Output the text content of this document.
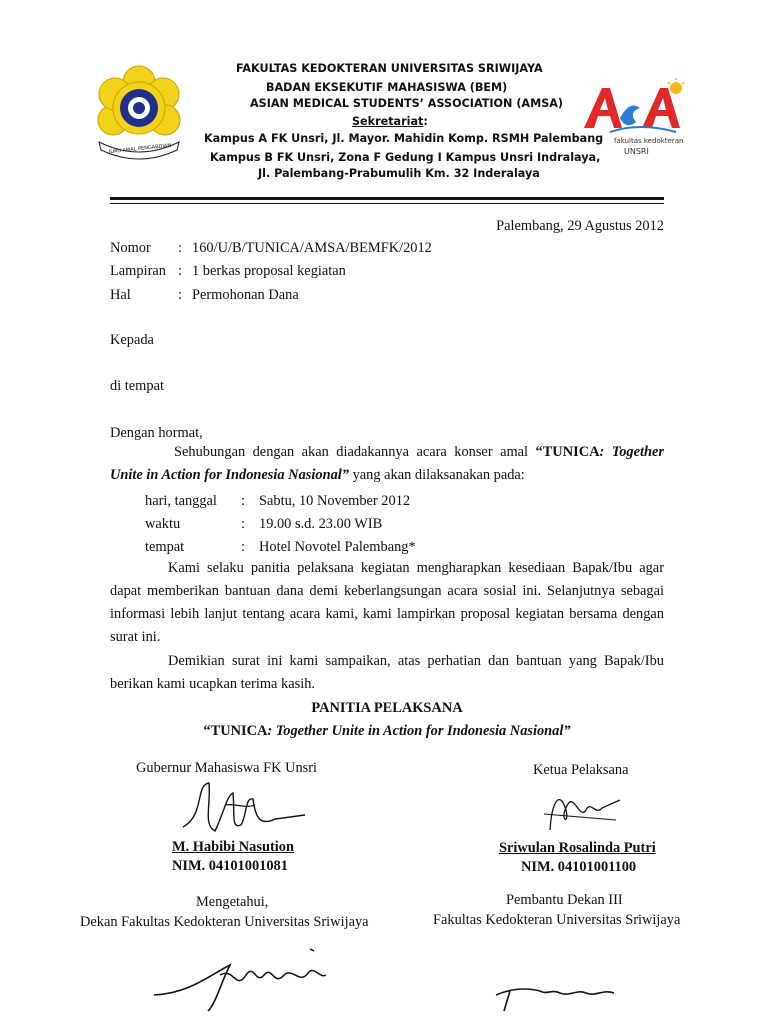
ILMU AMAL PENGABDIAN
FAKULTAS KEDOKTERAN UNIVERSITAS SRIWIJAYA
BADAN EKSEKUTIF MAHASISWA (BEM)
ASIAN MEDICAL STUDENTS’ ASSOCIATION (AMSA)
Sekretariat:
Kampus A FK Unsri, Jl. Mayor. Mahidin Komp. RSMH Palembang
Kampus B FK Unsri, Zona F Gedung I Kampus Unsri Indralaya,
Jl. Palembang-Prabumulih Km. 32 Inderalaya
fakultas kedokteran
UNSRI
Palembang, 29 Agustus 2012
Nomor : 160/U/B/TUNICA/AMSA/BEMFK/2012
Lampiran : 1 berkas proposal kegiatan
Hal	: Permohonan Dana
Kepada
di tempat
Dengan hormat,
Sehubungan dengan akan diadakannya acara konser amal “TUNICA: Together Unite in Action for Indonesia Nasional” yang akan dilaksanakan pada:
hari, tanggal : Sabtu, 10 November 2012
waktu	: 19.00 s.d. 23.00 WIB
tempat	: Hotel Novotel Palembang*
Kami selaku panitia pelaksana kegiatan mengharapkan kesediaan Bapak/Ibu agar dapat memberikan bantuan dana demi keberlangsungan acara sosial ini. Selanjutnya sebagai informasi lebih lanjut tentang acara kami, kami lampirkan proposal kegiatan bersama dengan surat ini.
Demikian surat ini kami sampaikan, atas perhatian dan bantuan yang Bapak/Ibu berikan kami ucapkan terima kasih.
PANITIA PELAKSANA
“TUNICA: Together Unite in Action for Indonesia Nasional”
Gubernur Mahasiswa FK Unsri	Ketua Pelaksana
M. Habibi Nasution
NIM. 04101001081
Sriwulan Rosalinda Putri
NIM. 04101001100
Mengetahui,
Dekan Fakultas Kedokteran Universitas Sriwijaya
Pembantu Dekan III
Fakultas Kedokteran Universitas Sriwijaya
